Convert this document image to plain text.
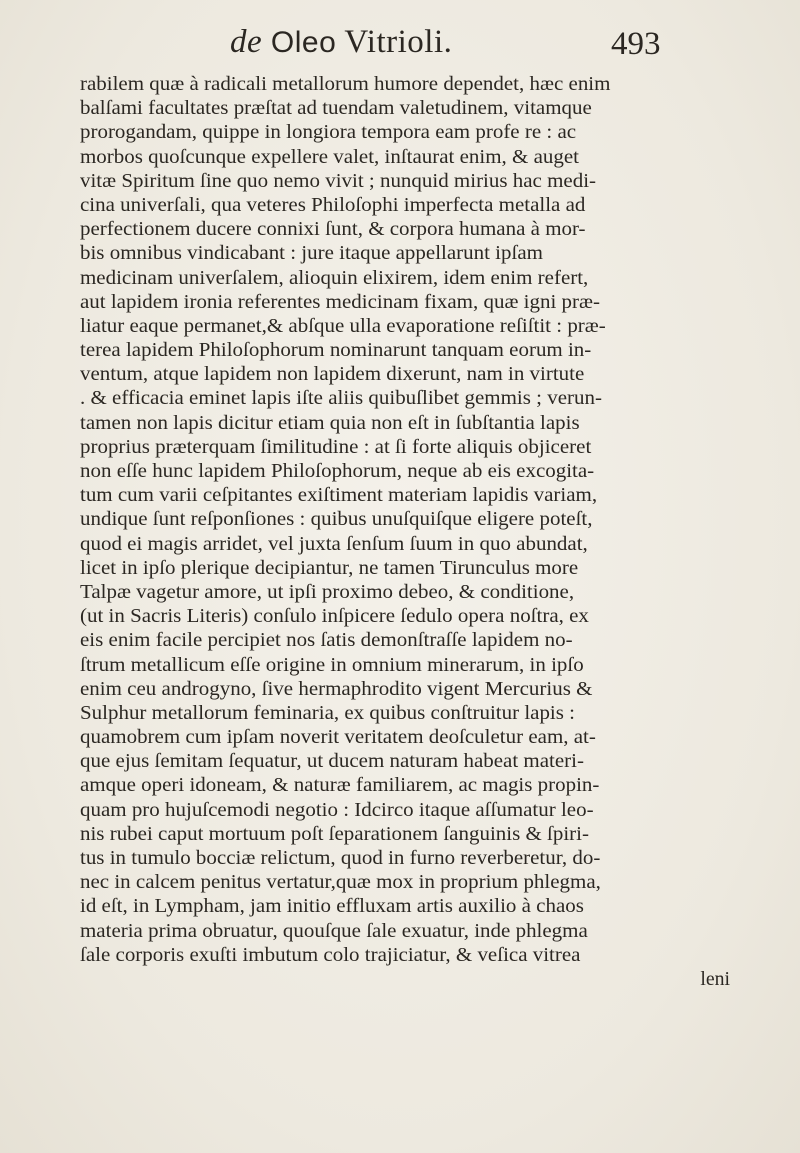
de Oleo Vitrioli.	493
rabilem quæ à radicali metallorum humore dependet, hæc enim
balſami facultates præſtat ad tuendam valetudinem, vitamque
prorogandam, quippe in longiora tempora eam profe re : ac
morbos quoſcunque expellere valet, inſtaurat enim, & auget
vitæ Spiritum ſine quo nemo vivit ; nunquid mirius hac medi-
cina univerſali, qua veteres Philoſophi imperfecta metalla ad
perfectionem ducere connixi ſunt, & corpora humana à mor-
bis omnibus vindicabant : jure itaque appellarunt ipſam
medicinam univerſalem, alioquin elixirem, idem enim refert,
aut lapidem ironia referentes medicinam fixam, quæ igni præ-
liatur eaque permanet,& abſque ulla evaporatione reſiſtit : præ-
terea lapidem Philoſophorum nominarunt tanquam eorum in-
ventum, atque lapidem non lapidem dixerunt, nam in virtute
. & efficacia eminet lapis iſte aliis quibuſlibet gemmis ; verun-
tamen non lapis dicitur etiam quia non eſt in ſubſtantia lapis
proprius præterquam ſimilitudine : at ſi forte aliquis objiceret
non eſſe hunc lapidem Philoſophorum, neque ab eis excogita-
tum cum varii ceſpitantes exiſtiment materiam lapidis variam,
undique ſunt reſponſiones : quibus unuſquiſque eligere poteſt,
quod ei magis arridet, vel juxta ſenſum ſuum in quo abundat,
licet in ipſo plerique decipiantur, ne tamen Tirunculus more
Talpæ vagetur amore, ut ipſi proximo debeo, & conditione,
(ut in Sacris Literis) conſulo inſpicere ſedulo opera noſtra, ex
eis enim facile percipiet nos ſatis demonſtraſſe lapidem no-
ſtrum metallicum eſſe origine in omnium minerarum, in ipſo
enim ceu androgyno, ſive hermaphrodito vigent Mercurius &
Sulphur metallorum feminaria, ex quibus conſtruitur lapis :
quamobrem cum ipſam noverit veritatem deoſculetur eam, at-
que ejus ſemitam ſequatur, ut ducem naturam habeat materi-
amque operi idoneam, & naturæ familiarem, ac magis propin-
quam pro hujuſcemodi negotio : Idcirco itaque aſſumatur leo-
nis rubei caput mortuum poſt ſeparationem ſanguinis & ſpiri-
tus in tumulo bocciæ relictum, quod in furno reverberetur, do-
nec in calcem penitus vertatur,quæ mox in proprium phlegma,
id eſt, in Lympham, jam initio effluxam artis auxilio à chaos
materia prima obruatur, quouſque ſale exuatur, inde phlegma
ſale corporis exuſti imbutum colo trajiciatur, & veſica vitrea
leni
